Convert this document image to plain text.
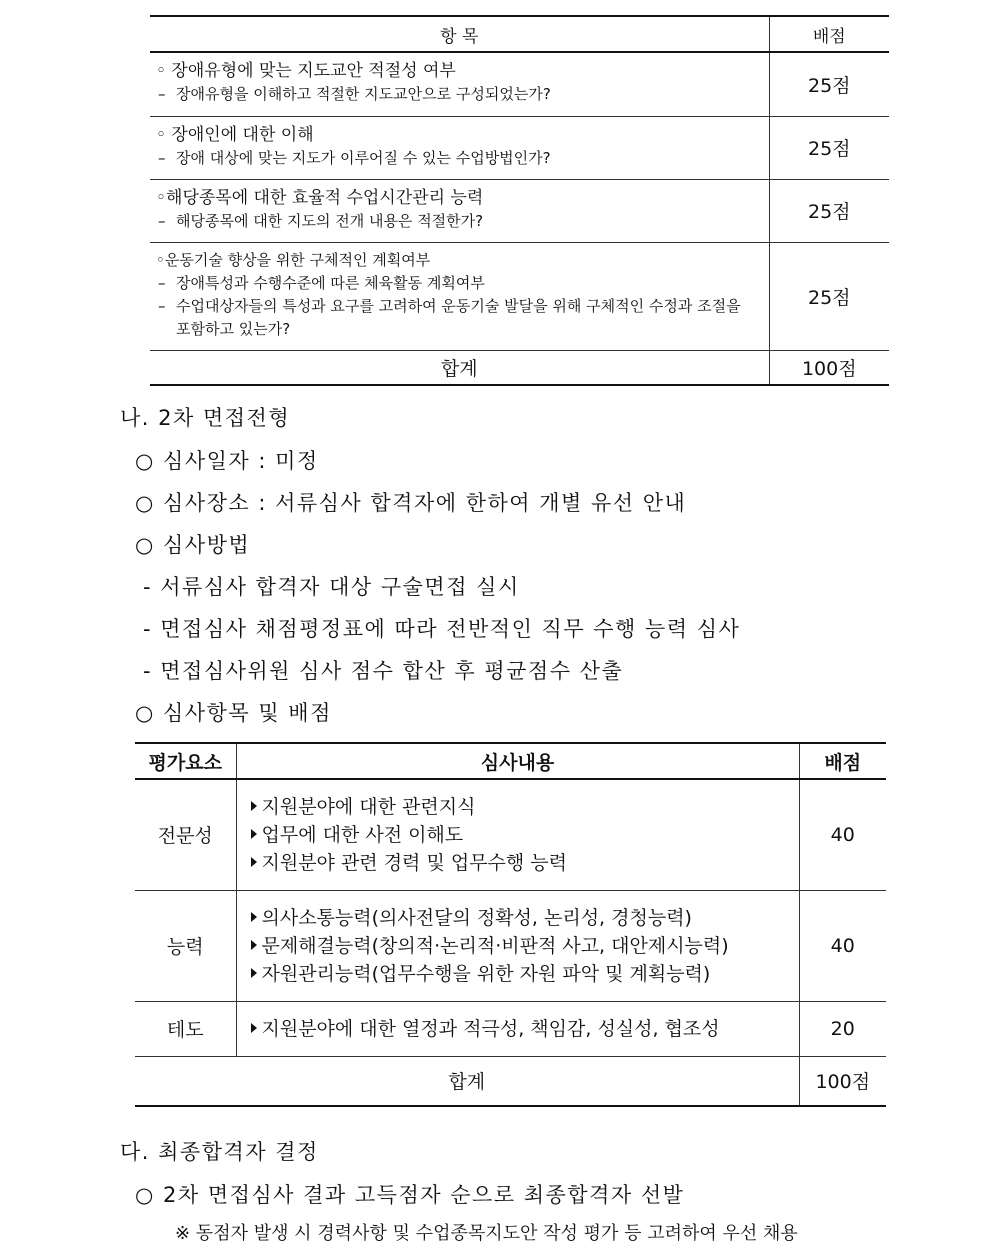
항 목	배점

◦ 장애유형에 맞는 지도교안 적절성 여부
– 장애유형을 이해하고 적절한 지도교안으로 구성되었는가?	25점

◦ 장애인에 대한 이해
– 장애 대상에 맞는 지도가 이루어질 수 있는 수업방법인가?	25점

◦해당종목에 대한 효율적 수업시간관리 능력
– 해당종목에 대한 지도의 전개 내용은 적절한가?	25점

◦운동기술 향상을 위한 구체적인 계획여부
– 장애특성과 수행수준에 따른 체육활동 계획여부
– 수업대상자들의 특성과 요구를 고려하여 운동기술 발달을 위해 구체적인 수정과 조절을 포함하고 있는가?	25점
합계	100점
나. 2차 면접전형
○ 심사일자 : 미정
○ 심사장소 : 서류심사 합격자에 한하여 개별 유선 안내
○ 심사방법
- 서류심사 합격자 대상 구술면접 실시
- 면접심사 채점평정표에 따라 전반적인 직무 수행 능력 심사
- 면접심사위원 심사 점수 합산 후 평균점수 산출
○ 심사항목 및 배점
평가요소	심사내용	배점
전문성	지원분야에 대한 관련지식
업무에 대한 사전 이해도
지원분야 관련 경력 및 업무수행 능력	40
능력	의사소통능력(의사전달의 정확성, 논리성, 경청능력)
문제해결능력(창의적·논리적·비판적 사고, 대안제시능력)
자원관리능력(업무수행을 위한 자원 파악 및 계획능력)	40
테도	지원분야에 대한 열정과 적극성, 책임감, 성실성, 협조성	20
합계		100점
다. 최종합격자 결정
○ 2차 면접심사 결과 고득점자 순으로 최종합격자 선발
※ 동점자 발생 시 경력사항 및 수업종목지도안 작성 평가 등 고려하여 우선 채용
